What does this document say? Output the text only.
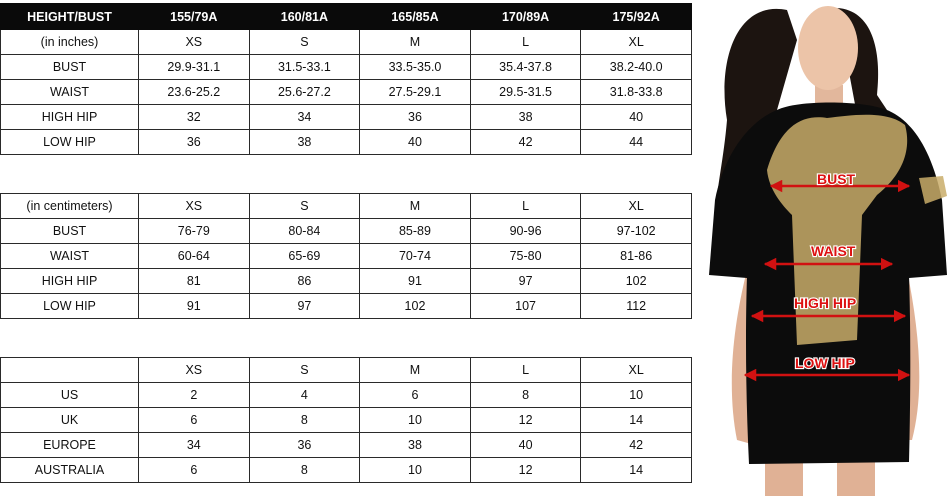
HEIGHT/BUST	155/79A	160/81A	165/85A	170/89A	175/92A
(in inches)	XS	S	M	L	XL
BUST	29.9-31.1	31.5-33.1	33.5-35.0	35.4-37.8	38.2-40.0
WAIST	23.6-25.2	25.6-27.2	27.5-29.1	29.5-31.5	31.8-33.8
HIGH HIP	32	34	36	38	40
LOW HIP	36	38	40	42	44
(in centimeters)	XS	S	M	L	XL
BUST	76-79	80-84	85-89	90-96	97-102
WAIST	60-64	65-69	70-74	75-80	81-86
HIGH HIP	81	86	91	97	102
LOW HIP	91	97	102	107	112
	XS	S	M	L	XL
US	2	4	6	8	10
UK	6	8	10	12	14
EUROPE	34	36	38	40	42
AUSTRALIA	6	8	10	12	14
BUST
WAIST
HIGH HIP
LOW HIP
